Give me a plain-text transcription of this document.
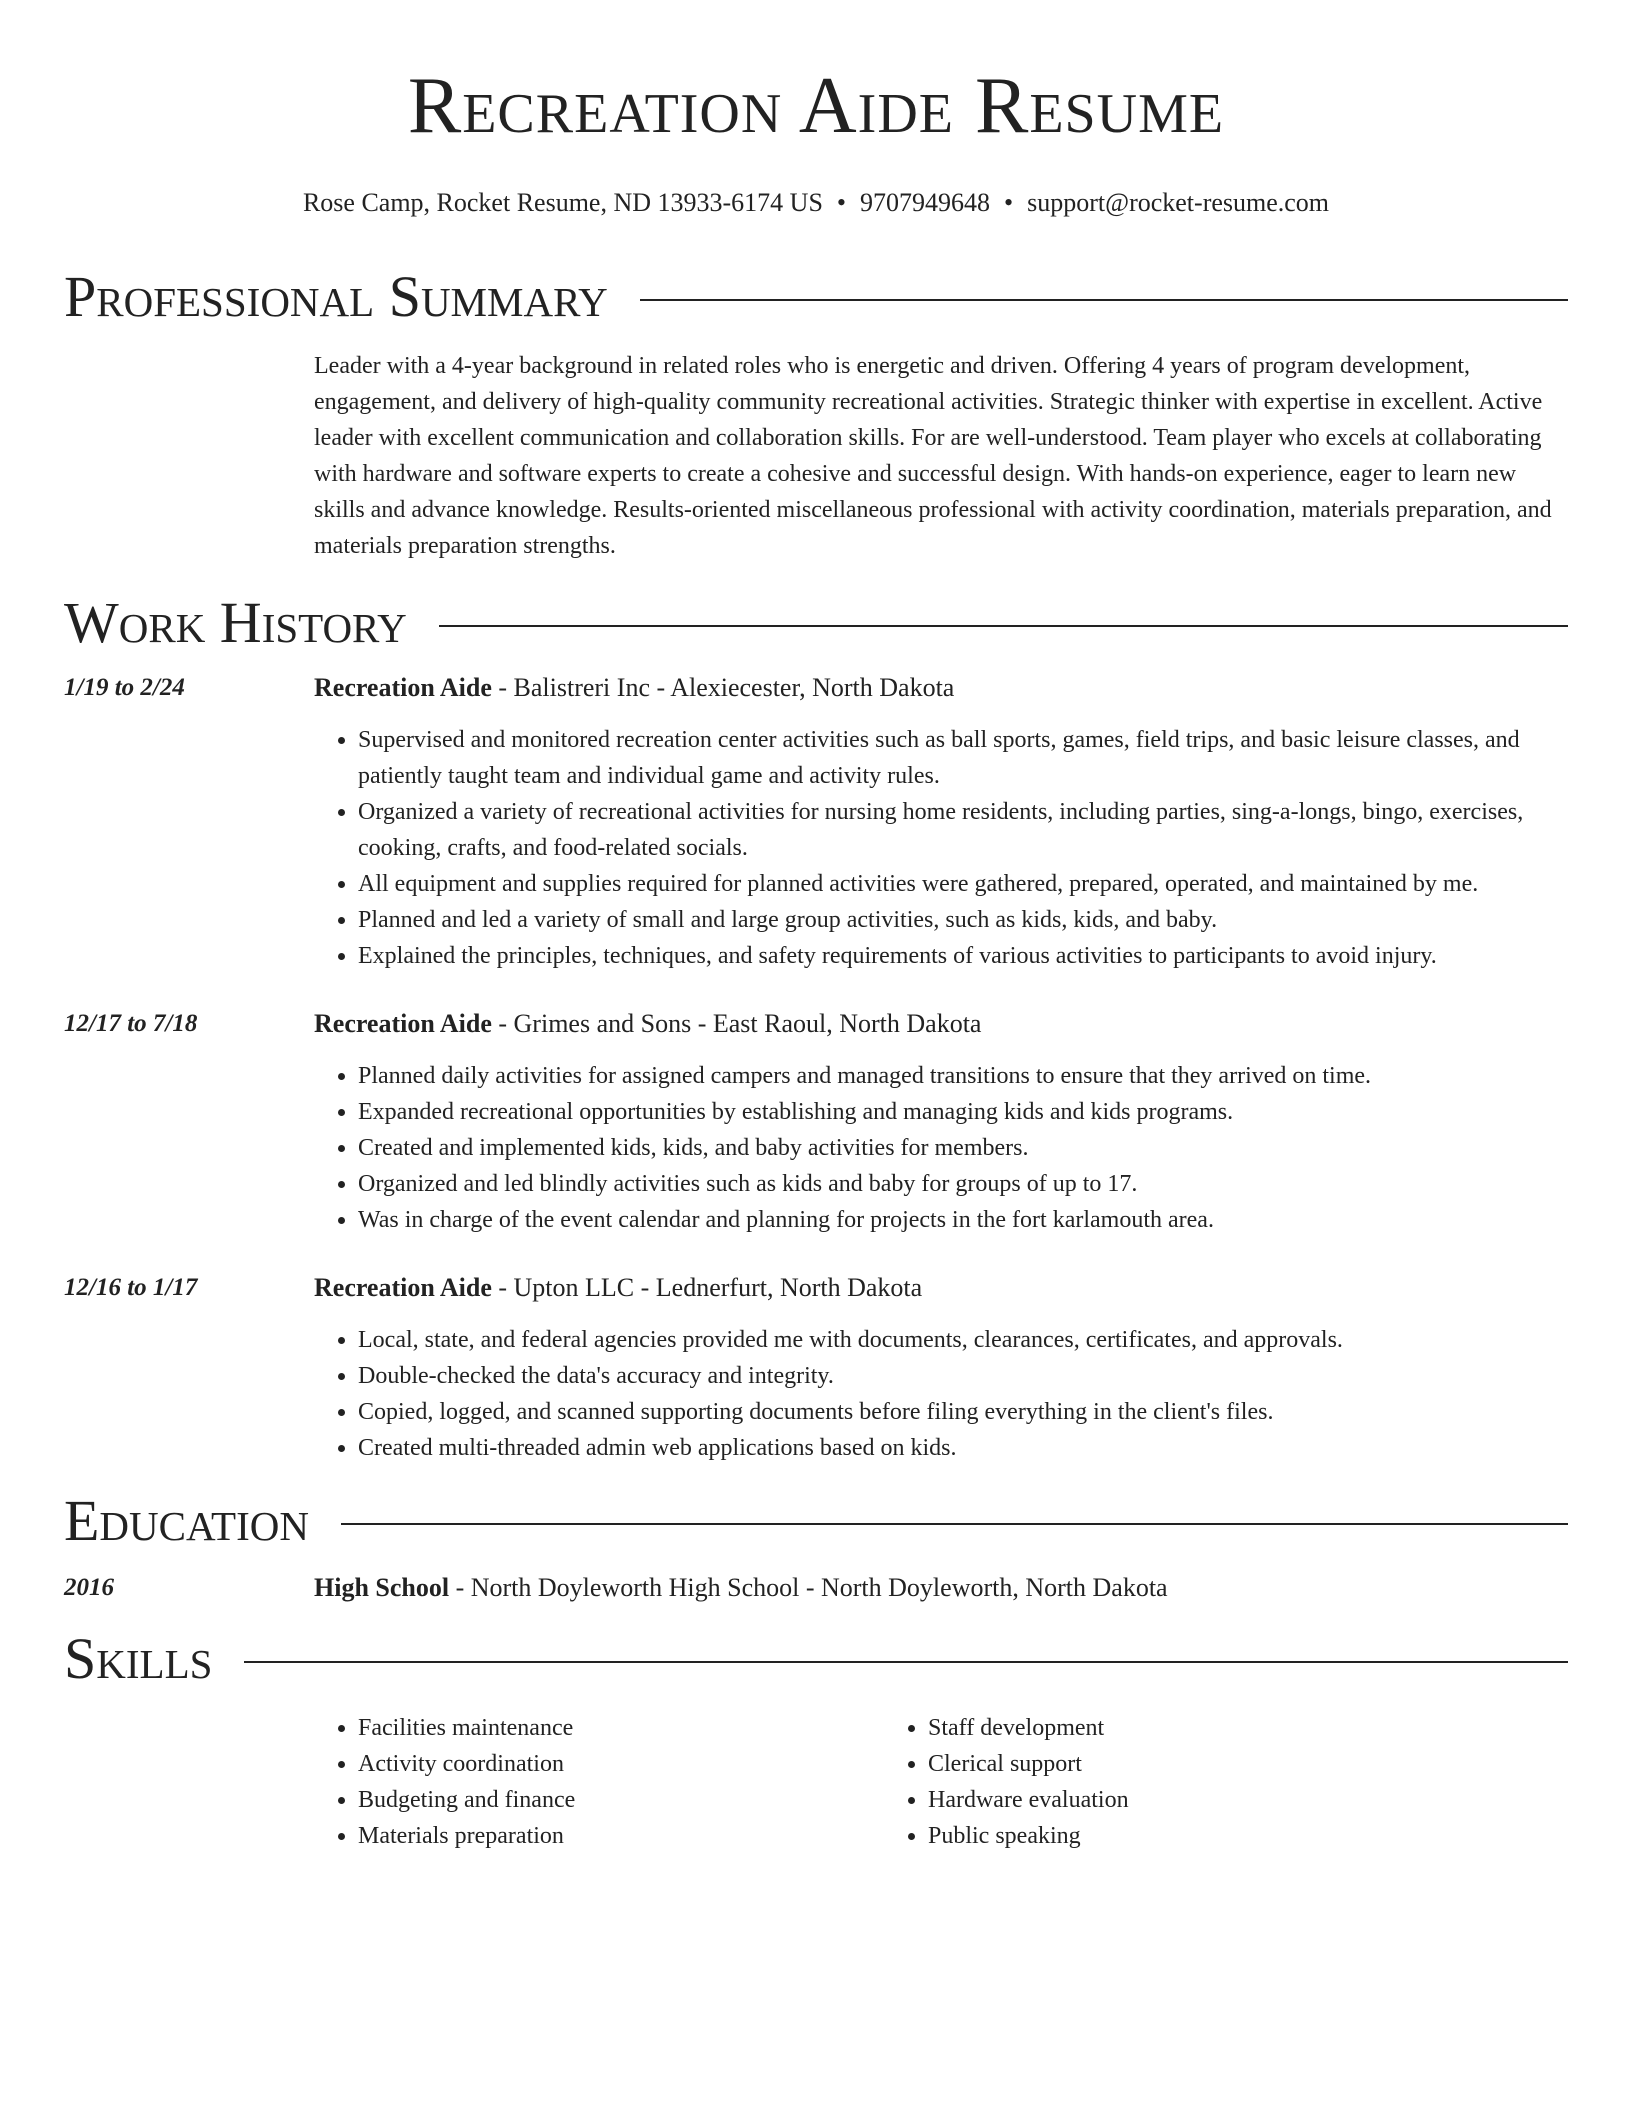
Recreation Aide Resume
Rose Camp, Rocket Resume, ND 13933-6174 US • 9707949648 • support@rocket-resume.com
Professional Summary

Leader with a 4-year background in related roles who is energetic and driven. Offering 4 years of program development, engagement, and delivery of high-quality community recreational activities. Strategic thinker with expertise in excellent. Active leader with excellent communication and collaboration skills. For are well-understood. Team player who excels at collaborating with hardware and software experts to create a cohesive and successful design. With hands-on experience, eager to learn new skills and advance knowledge. Results-oriented miscellaneous professional with activity coordination, materials preparation, and materials preparation strengths.

Work History
1/19 to 2/24	Recreation Aide - Balistreri Inc - Alexiecester, North Dakota
• Supervised and monitored recreation center activities such as ball sports, games, field trips, and basic leisure classes, and patiently taught team and individual game and activity rules.
• Organized a variety of recreational activities for nursing home residents, including parties, sing-a-longs, bingo, exercises, cooking, crafts, and food-related socials.
• All equipment and supplies required for planned activities were gathered, prepared, operated, and maintained by me.
• Planned and led a variety of small and large group activities, such as kids, kids, and baby.
• Explained the principles, techniques, and safety requirements of various activities to participants to avoid injury.
12/17 to 7/18	Recreation Aide - Grimes and Sons - East Raoul, North Dakota
• Planned daily activities for assigned campers and managed transitions to ensure that they arrived on time.
• Expanded recreational opportunities by establishing and managing kids and kids programs.
• Created and implemented kids, kids, and baby activities for members.
• Organized and led blindly activities such as kids and baby for groups of up to 17.
• Was in charge of the event calendar and planning for projects in the fort karlamouth area.
12/16 to 1/17	Recreation Aide - Upton LLC - Lednerfurt, North Dakota
• Local, state, and federal agencies provided me with documents, clearances, certificates, and approvals.
• Double-checked the data's accuracy and integrity.
• Copied, logged, and scanned supporting documents before filing everything in the client's files.
• Created multi-threaded admin web applications based on kids.
Education
2016	High School - North Doyleworth High School - North Doyleworth, North Dakota
Skills
• Facilities maintenance
• Activity coordination
• Budgeting and finance
• Materials preparation
• Staff development
• Clerical support
• Hardware evaluation
• Public speaking
